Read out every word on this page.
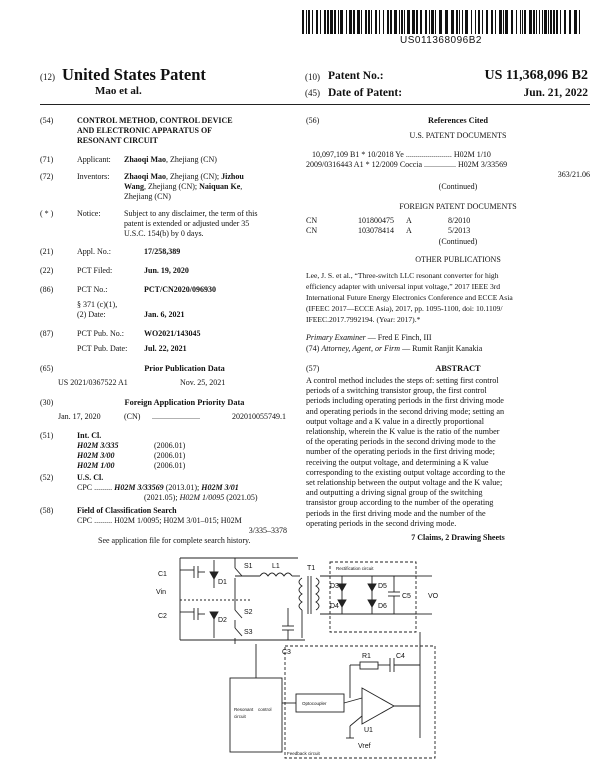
US011368096B2
(12) United States Patent
Mao et al.
(10) Patent No.:	US 11,368,096 B2
(45) Date of Patent:	Jun. 21, 2022
(54)	CONTROL METHOD, CONTROL DEVICE
AND ELECTRONIC APPARATUS OF
RESONANT CIRCUIT
(71)	Applicant: Zhaoqi Mao, Zhejiang (CN)
(72)	Inventors: Zhaoqi Mao, Zhejiang (CN); Jizhou
Wang, Zhejiang (CN); Naiquan Ke,
Zhejiang (CN)
( * )	Notice:	Subject to any disclaimer, the term of this
patent is extended or adjusted under 35
U.S.C. 154(b) by 0 days.
(21)	Appl. No.:	17/258,389
(22)	PCT Filed:	Jun. 19, 2020
(86)	PCT No.:	PCT/CN2020/096930
§ 371 (c)(1),
(2) Date:	Jan. 6, 2021
(87)	PCT Pub. No.:	WO2021/143045
PCT Pub. Date: Jul. 22, 2021
(65)	Prior Publication Data
US 2021/0367522 A1	Nov. 25, 2021
(30)	Foreign Application Priority Data
Jan. 17, 2020	(CN) ........................	202010055749.1
(51)	Int. Cl.
H02M 3/335	(2006.01)
H02M 3/00	(2006.01)
H02M 1/00	(2006.01)
(52)	U.S. Cl.
CPC ......... H02M 3/33569 (2013.01); H02M 3/01
(2021.05); H02M 1/0095 (2021.05)
(58)	Field of Classification Search
CPC ......... H02M 1/0095; H02M 3/01–015; H02M
3/335–3378
See application file for complete search history.
(56)	References Cited
U.S. PATENT DOCUMENTS
10,097,109 B1 * 10/2018 Ye ....................... H02M 1/10
2009/0316443 A1 * 12/2009 Coccia ................ H02M 3/33569
363/21.06
(Continued)
FOREIGN PATENT DOCUMENTS
CN	101800475 A	8/2010
CN	103078414 A	5/2013
(Continued)
OTHER PUBLICATIONS
Lee, J. S. et al., “Three-switch LLC resonant converter for high
efficiency adapter with universal input voltage,” 2017 IEEE 3rd
International Future Energy Electronics Conference and ECCE Asia
(IFEEC 2017—ECCE Asia), 2017, pp. 1095-1100, doi: 10.1109/
IFEEC.2017.7992194. (Year: 2017).*
Primary Examiner — Fred E Finch, III
(74) Attorney, Agent, or Firm — Rumit Ranjit Kanakia
(57)	ABSTRACT
A control method includes the steps of: setting first control
periods of a switching transistor group, the first control
periods including operating periods in the first driving mode
and operating periods in the second driving mode; setting an
output voltage and a K value in a directly proportional
relationship, wherein the K value is the ratio of the number
of the operating periods in the second driving mode to the
number of the operating periods in the first driving mode;
receiving the output voltage, and determining a K value
corresponding to the existing output voltage according to the
set relationship between the output voltage and the K value;
and outputting a driving signal group of the switching
transistor group according to the number of the operating
periods in the first driving mode and the number of the
operating periods in the second driving mode.
7 Claims, 2 Drawing Sheets
C1
D1
S1	L1	T1
Vin
S2
C2
D2
S3
C3
D3	D5
D4	D6
C5 VO
Rectification circuit
R1	C4
U1
Vref
Resonant control
circuit
Optocoupler
Feedback circuit
